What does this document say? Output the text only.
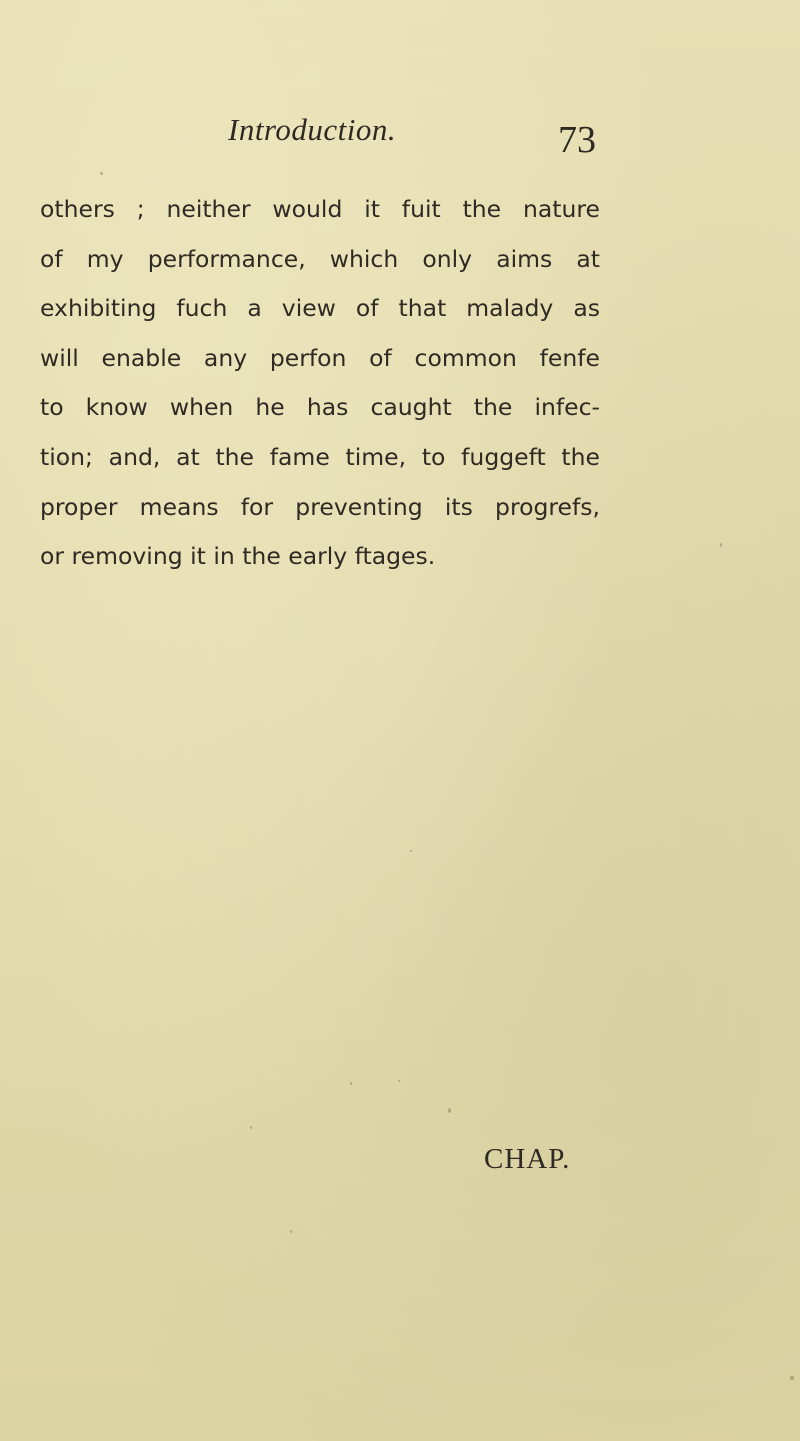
Introduction.	73
others ; neither would it fuit the nature
of my performance, which only aims at
exhibiting fuch a view of that malady as
will enable any perfon of common fenfe
to know when he has caught the infec-
tion; and, at the fame time, to fuggeft the
proper means for preventing its progrefs,
or removing it in the early ftages.
CHAP.
